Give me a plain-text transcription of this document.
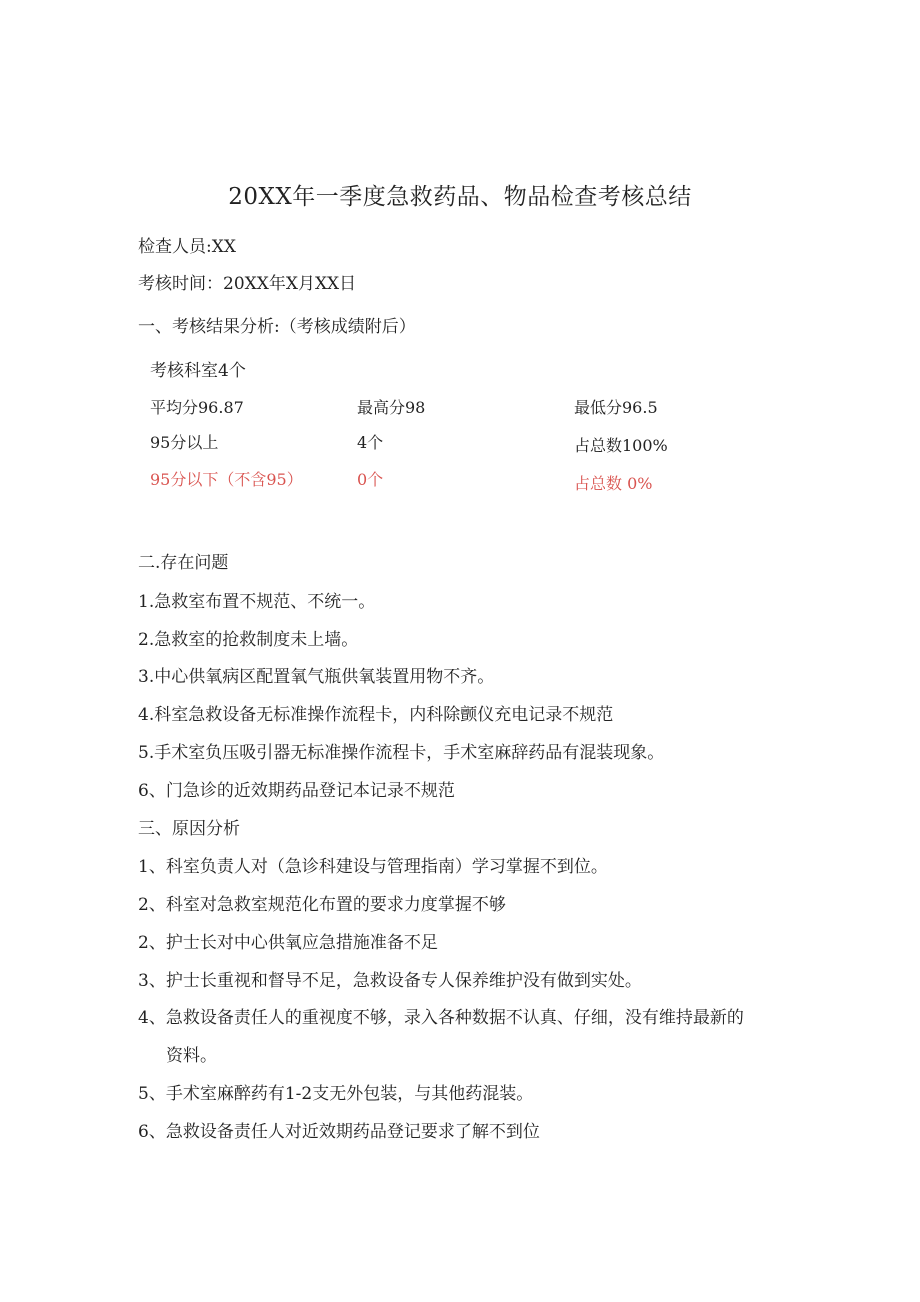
20XX年一季度急救药品、物品检查考核总结
检查人员:XX
考核时间：20XX年X月XX日
一、考核结果分析:（考核成绩附后）
考核科室4个
平均分96.87	最高分98	最低分96.5
95分以上	4个	占总数100%
95分以下（不含95）	0个	占总数 0%
二.存在问题
1.急救室布置不规范、不统一。
2.急救室的抢救制度未上墙。
3.中心供氧病区配置氧气瓶供氧装置用物不齐。
4.科室急救设备无标准操作流程卡，内科除颤仪充电记录不规范
5.手术室负压吸引器无标准操作流程卡，手术室麻辞药品有混装现象。
6、门急诊的近效期药品登记本记录不规范
三、原因分析
1、科室负责人对（急诊科建设与管理指南）学习掌握不到位。
2、科室对急救室规范化布置的要求力度掌握不够
2、护士长对中心供氧应急措施准备不足
3、护士长重视和督导不足，急救设备专人保养维护没有做到实处。
4、急救设备责任人的重视度不够，录入各种数据不认真、仔细，没有维持最新的
资料。
5、手术室麻醉药有1-2支无外包装，与其他药混装。
6、急救设备责任人对近效期药品登记要求了解不到位
